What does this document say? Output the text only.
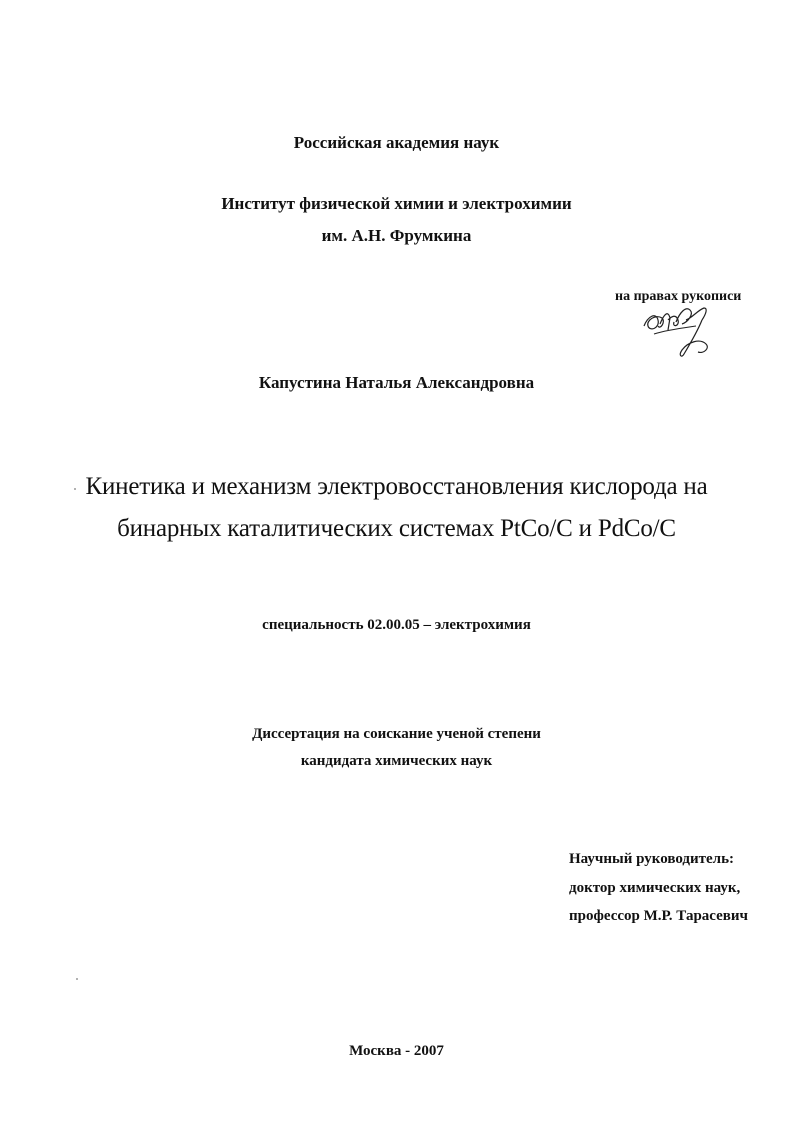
Российская академия наук
Институт физической химии и электрохимии
им. А.Н. Фрумкина
на правах рукописи
Капустина Наталья Александровна
Кинетика и механизм электровосстановления кислорода на
бинарных каталитических системах PtCo/C и PdCo/C
специальность 02.00.05 – электрохимия
Диссертация на соискание ученой степени
кандидата химических наук
Научный руководитель:
доктор химических наук,
профессор М.Р. Тарасевич
Москва - 2007
